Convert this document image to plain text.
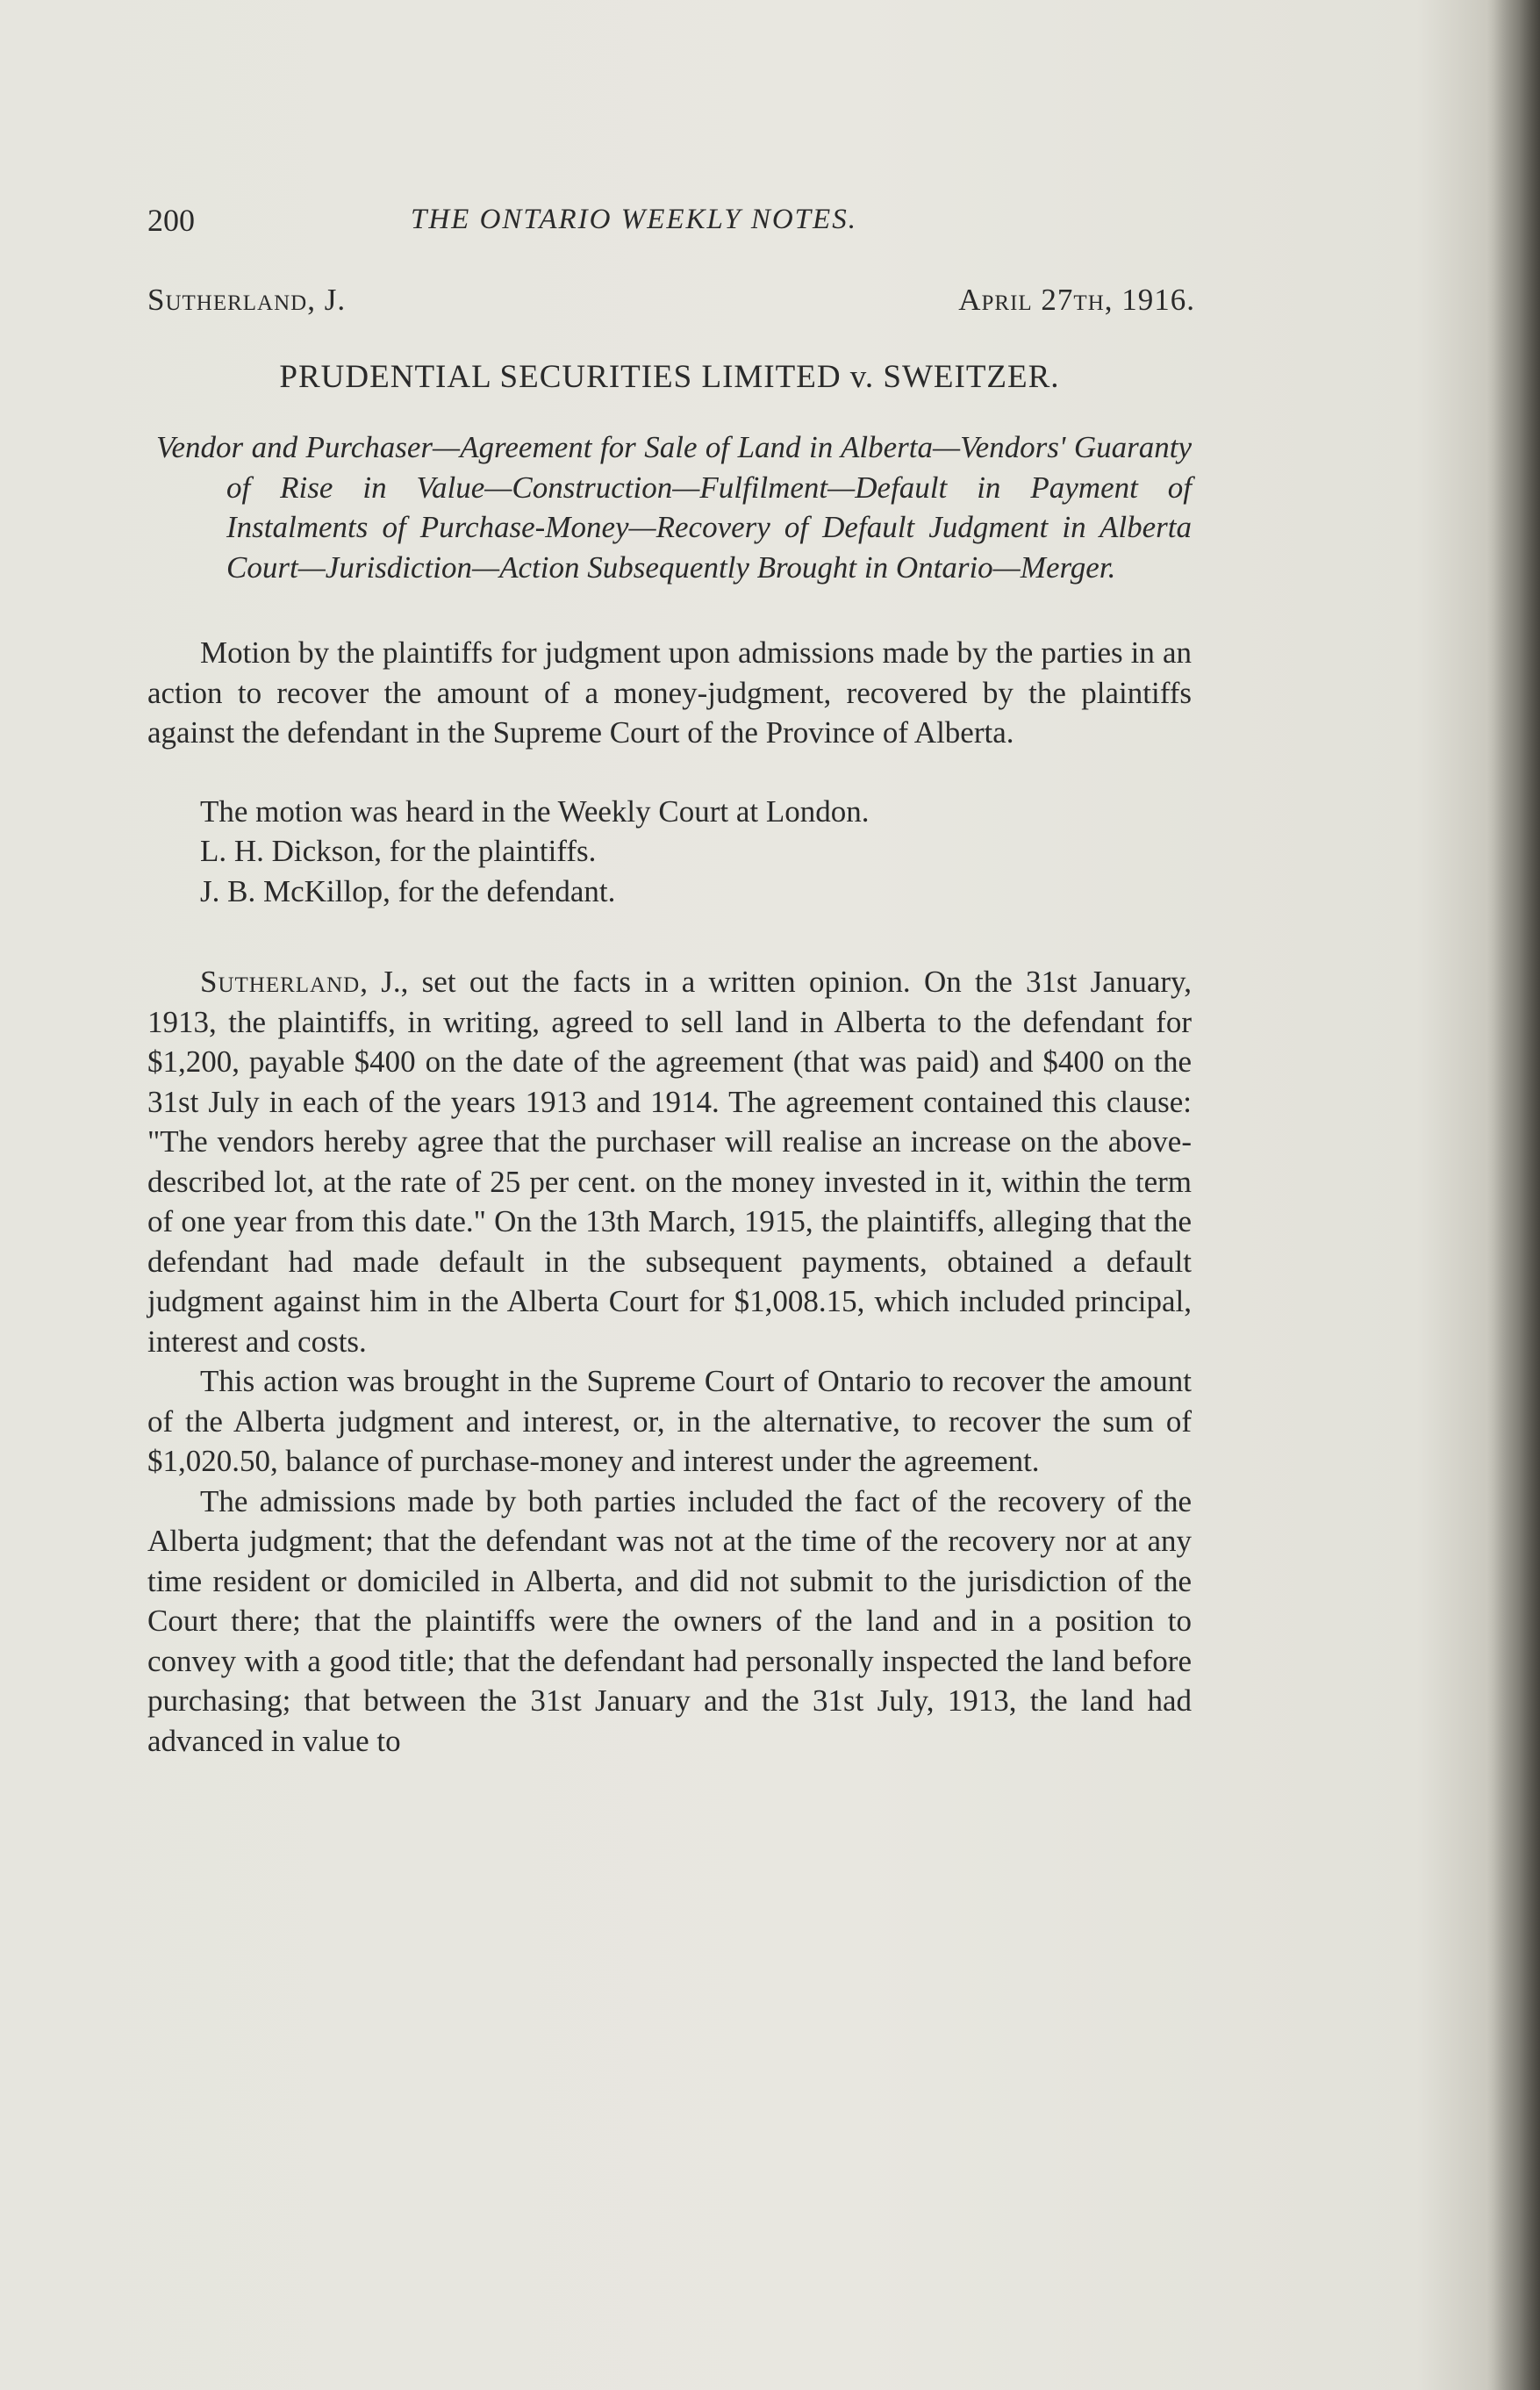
200	THE ONTARIO WEEKLY NOTES.
Sutherland, J.	April 27th, 1916.
PRUDENTIAL SECURITIES LIMITED v. SWEITZER.

Vendor and Purchaser—Agreement for Sale of Land in Alberta—Vendors' Guaranty of Rise in Value—Construction—Fulfilment—Default in Payment of Instalments of Purchase-Money—Recovery of Default Judgment in Alberta Court—Jurisdiction—Action Subsequently Brought in Ontario—Merger.

Motion by the plaintiffs for judgment upon admissions made by the parties in an action to recover the amount of a money-judgment, recovered by the plaintiffs against the defendant in the Supreme Court of the Province of Alberta.

The motion was heard in the Weekly Court at London.
L. H. Dickson, for the plaintiffs.
J. B. McKillop, for the defendant.

Sutherland, J., set out the facts in a written opinion. On the 31st January, 1913, the plaintiffs, in writing, agreed to sell land in Alberta to the defendant for $1,200, payable $400 on the date of the agreement (that was paid) and $400 on the 31st July in each of the years 1913 and 1914. The agreement contained this clause: "The vendors hereby agree that the purchaser will realise an increase on the above-described lot, at the rate of 25 per cent. on the money invested in it, within the term of one year from this date." On the 13th March, 1915, the plaintiffs, alleging that the defendant had made default in the subsequent payments, obtained a default judgment against him in the Alberta Court for $1,008.15, which included principal, interest and costs.

This action was brought in the Supreme Court of Ontario to recover the amount of the Alberta judgment and interest, or, in the alternative, to recover the sum of $1,020.50, balance of purchase-money and interest under the agreement.

The admissions made by both parties included the fact of the recovery of the Alberta judgment; that the defendant was not at the time of the recovery nor at any time resident or domiciled in Alberta, and did not submit to the jurisdiction of the Court there; that the plaintiffs were the owners of the land and in a position to convey with a good title; that the defendant had personally inspected the land before purchasing; that between the 31st January and the 31st July, 1913, the land had advanced in value to
